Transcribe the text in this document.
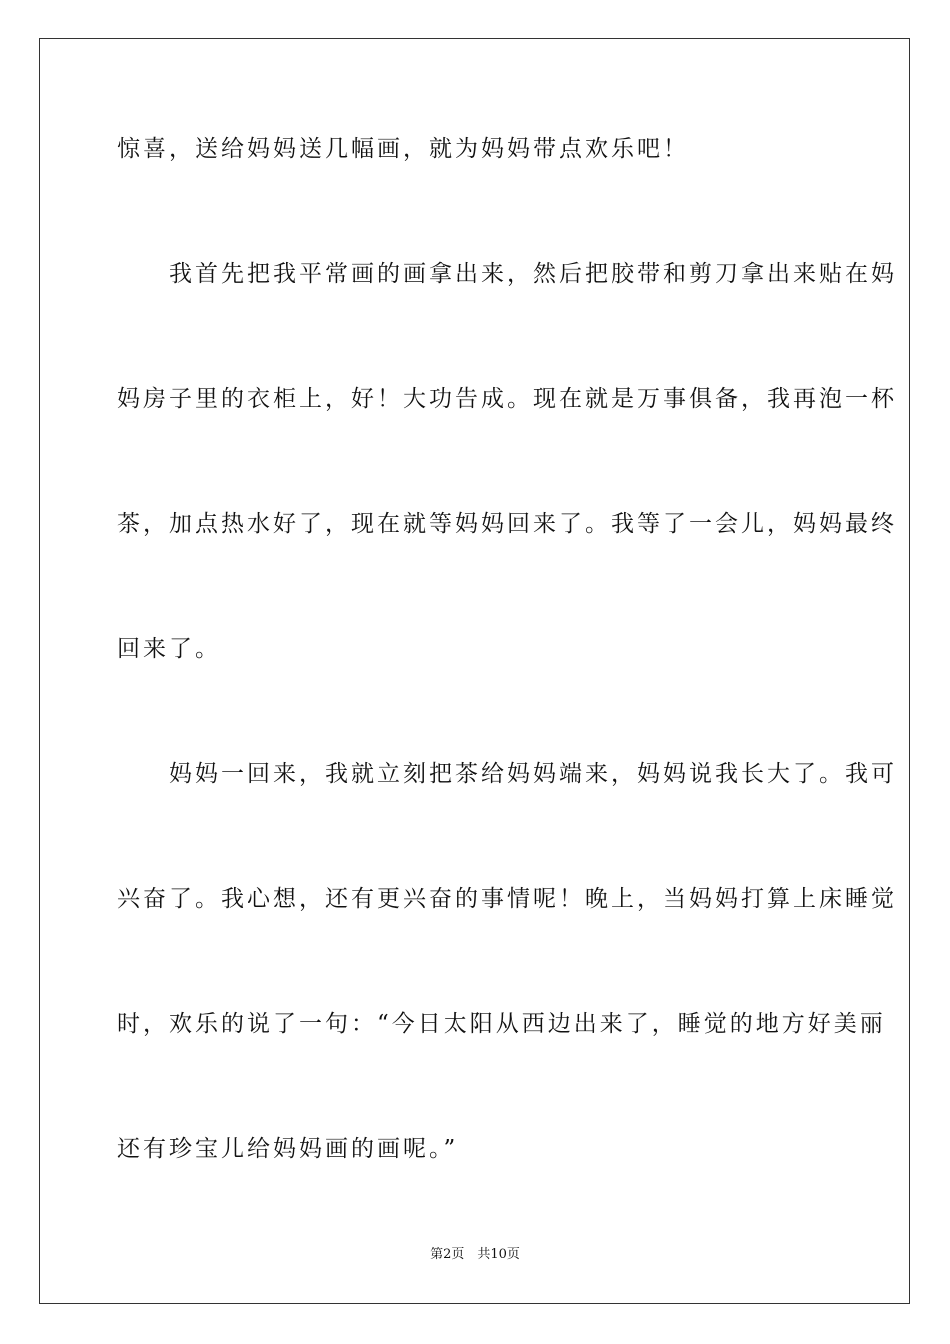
惊喜，送给妈妈送几幅画，就为妈妈带点欢乐吧！
　　我首先把我平常画的画拿出来，然后把胶带和剪刀拿出来贴在妈
妈房子里的衣柜上，好！大功告成。现在就是万事俱备，我再泡一杯
茶，加点热水好了，现在就等妈妈回来了。我等了一会儿，妈妈最终
回来了。
　　妈妈一回来，我就立刻把茶给妈妈端来，妈妈说我长大了。我可
兴奋了。我心想，还有更兴奋的事情呢！晚上，当妈妈打算上床睡觉
时，欢乐的说了一句：“今日太阳从西边出来了，睡觉的地方好美丽
还有珍宝儿给妈妈画的画呢。”
第2页　共10页
